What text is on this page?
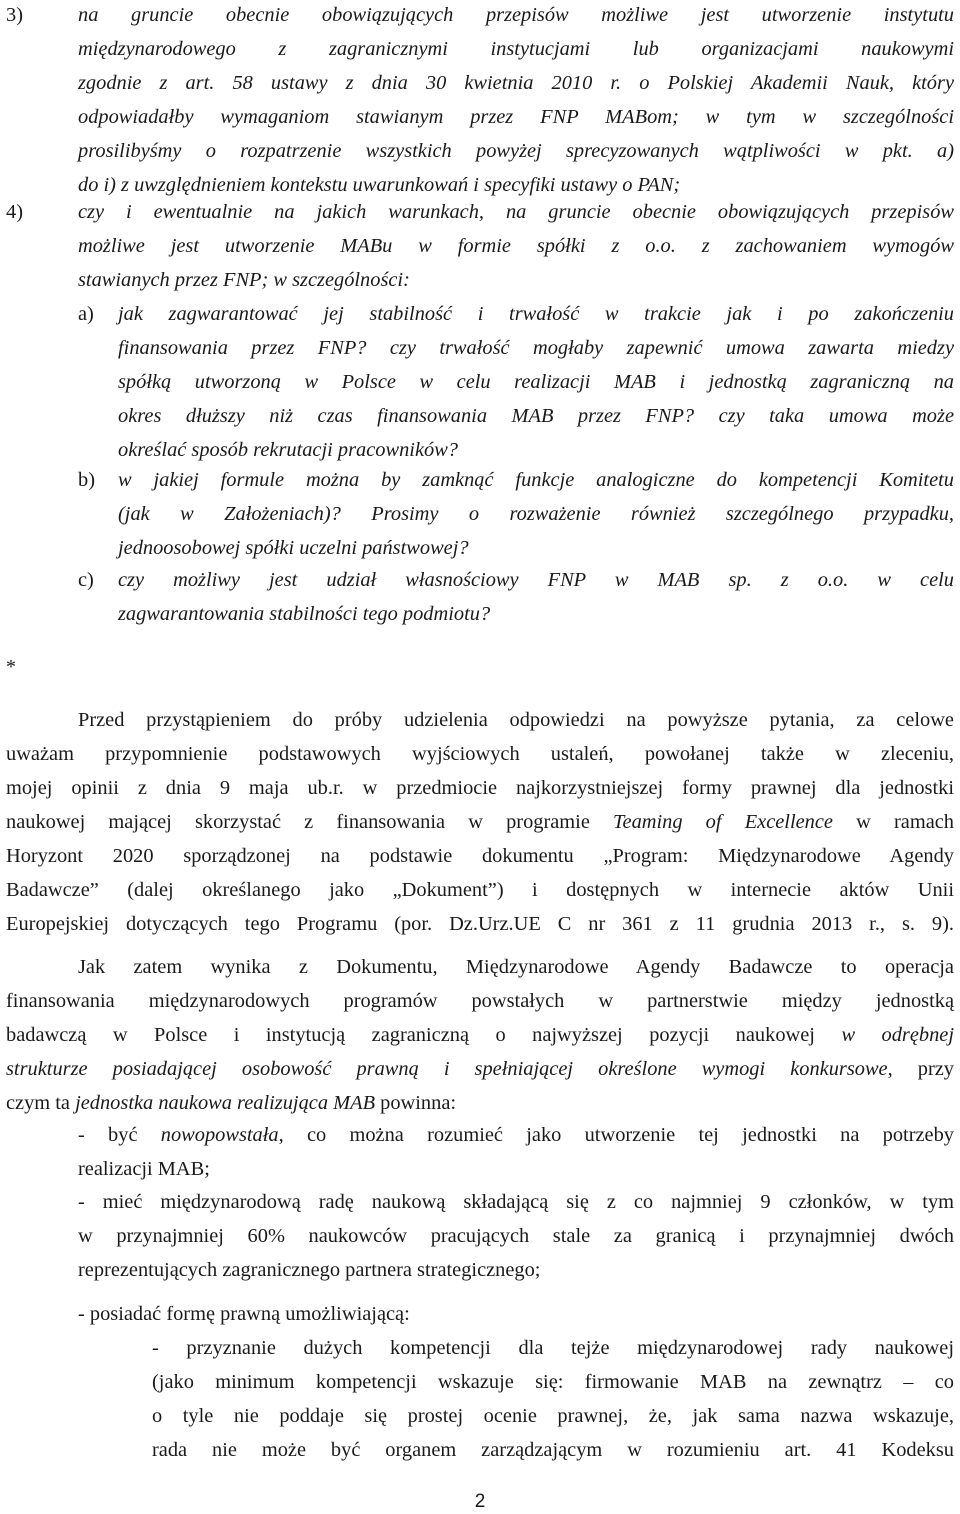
3)	na gruncie obecnie obowiązujących przepisów możliwe jest utworzenie instytutu

międzynarodowego z zagranicznymi instytucjami lub organizacjami naukowymi

zgodnie z art. 58 ustawy z dnia 30 kwietnia 2010 r. o Polskiej Akademii Nauk, który

odpowiadałby wymaganiom stawianym przez FNP MABom; w tym w szczególności

prosilibyśmy o rozpatrzenie wszystkich powyżej sprecyzowanych wątpliwości w pkt. a)

do i) z uwzględnieniem kontekstu uwarunkowań i specyfiki ustawy o PAN;

4)	czy i ewentualnie na jakich warunkach, na gruncie obecnie obowiązujących przepisów

możliwe jest utworzenie MABu w formie spółki z o.o. z zachowaniem wymogów

stawianych przez FNP; w szczególności:

a) jak zagwarantować jej stabilność i trwałość w trakcie jak i po zakończeniu

finansowania przez FNP? czy trwałość mogłaby zapewnić umowa zawarta miedzy

spółką utworzoną w Polsce w celu realizacji MAB i jednostką zagraniczną na

okres dłuższy niż czas finansowania MAB przez FNP? czy taka umowa może

określać sposób rekrutacji pracowników?

b) w jakiej formule można by zamknąć funkcje analogiczne do kompetencji Komitetu

(jak w Założeniach)? Prosimy o rozważenie również szczególnego przypadku,

jednoosobowej spółki uczelni państwowej?

c) czy możliwy jest udział własnościowy FNP w MAB sp. z o.o. w celu

zagwarantowania stabilności tego podmiotu?

*

Przed przystąpieniem do próby udzielenia odpowiedzi na powyższe pytania, za celowe

uważam przypomnienie podstawowych wyjściowych ustaleń, powołanej także w zleceniu,

mojej opinii z dnia 9 maja ub.r. w przedmiocie najkorzystniejszej formy prawnej dla jednostki

naukowej mającej skorzystać z finansowania w programie Teaming of Excellence w ramach

Horyzont 2020 sporządzonej na podstawie dokumentu „Program: Międzynarodowe Agendy

Badawcze” (dalej określanego jako „Dokument”) i dostępnych w internecie aktów Unii

Europejskiej dotyczących tego Programu (por. Dz.Urz.UE C nr 361 z 11 grudnia 2013 r., s. 9).

Jak zatem wynika z Dokumentu, Międzynarodowe Agendy Badawcze to operacja

finansowania międzynarodowych programów powstałych w partnerstwie między jednostką

badawczą w Polsce i instytucją zagraniczną o najwyższej pozycji naukowej w odrębnej

strukturze posiadającej osobowość prawną i spełniającej określone wymogi konkursowe, przy

czym ta jednostka naukowa realizująca MAB powinna:

- być nowopowstała, co można rozumieć jako utworzenie tej jednostki na potrzeby

realizacji MAB;

- mieć międzynarodową radę naukową składającą się z co najmniej 9 członków, w tym

w przynajmniej 60% naukowców pracujących stale za granicą i przynajmniej dwóch

reprezentujących zagranicznego partnera strategicznego;

- posiadać formę prawną umożliwiającą:

- przyznanie dużych kompetencji dla tejże międzynarodowej rady naukowej

(jako minimum kompetencji wskazuje się: firmowanie MAB na zewnątrz – co

o tyle nie poddaje się prostej ocenie prawnej, że, jak sama nazwa wskazuje,

rada nie może być organem zarządzającym w rozumieniu art. 41 Kodeksu

2
